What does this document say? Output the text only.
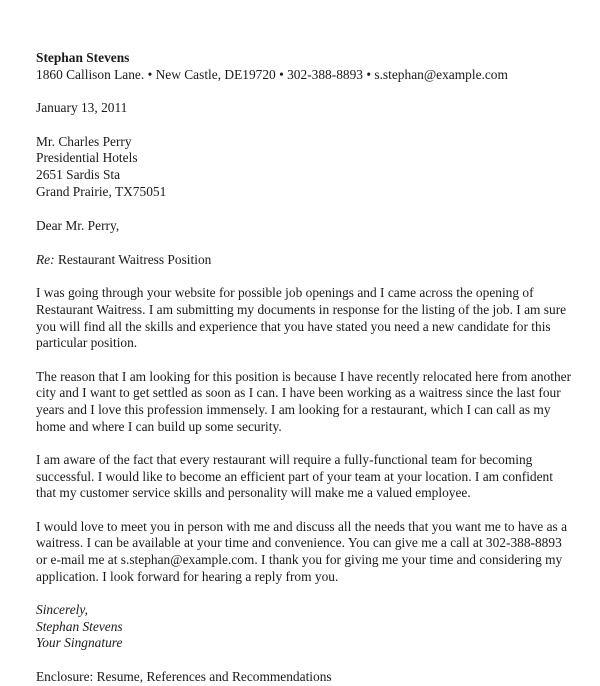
Stephan Stevens
1860 Callison Lane. • New Castle, DE19720 • 302-388-8893 • s.stephan@example.com
January 13, 2011
Mr. Charles Perry
Presidential Hotels
2651 Sardis Sta
Grand Prairie, TX75051
Dear Mr. Perry,
Re: Restaurant Waitress Position
I was going through your website for possible job openings and I came across the opening of
Restaurant Waitress. I am submitting my documents in response for the listing of the job. I am sure
you will find all the skills and experience that you have stated you need a new candidate for this
particular position.
The reason that I am looking for this position is because I have recently relocated here from another
city and I want to get settled as soon as I can. I have been working as a waitress since the last four
years and I love this profession immensely. I am looking for a restaurant, which I can call as my
home and where I can build up some security.
I am aware of the fact that every restaurant will require a fully-functional team for becoming
successful. I would like to become an efficient part of your team at your location. I am confident
that my customer service skills and personality will make me a valued employee.
I would love to meet you in person with me and discuss all the needs that you want me to have as a
waitress. I can be available at your time and convenience. You can give me a call at 302-388-8893
or e-mail me at s.stephan@example.com. I thank you for giving me your time and considering my
application. I look forward for hearing a reply from you.
Sincerely,
Stephan Stevens
Your Singnature
Enclosure: Resume, References and Recommendations
